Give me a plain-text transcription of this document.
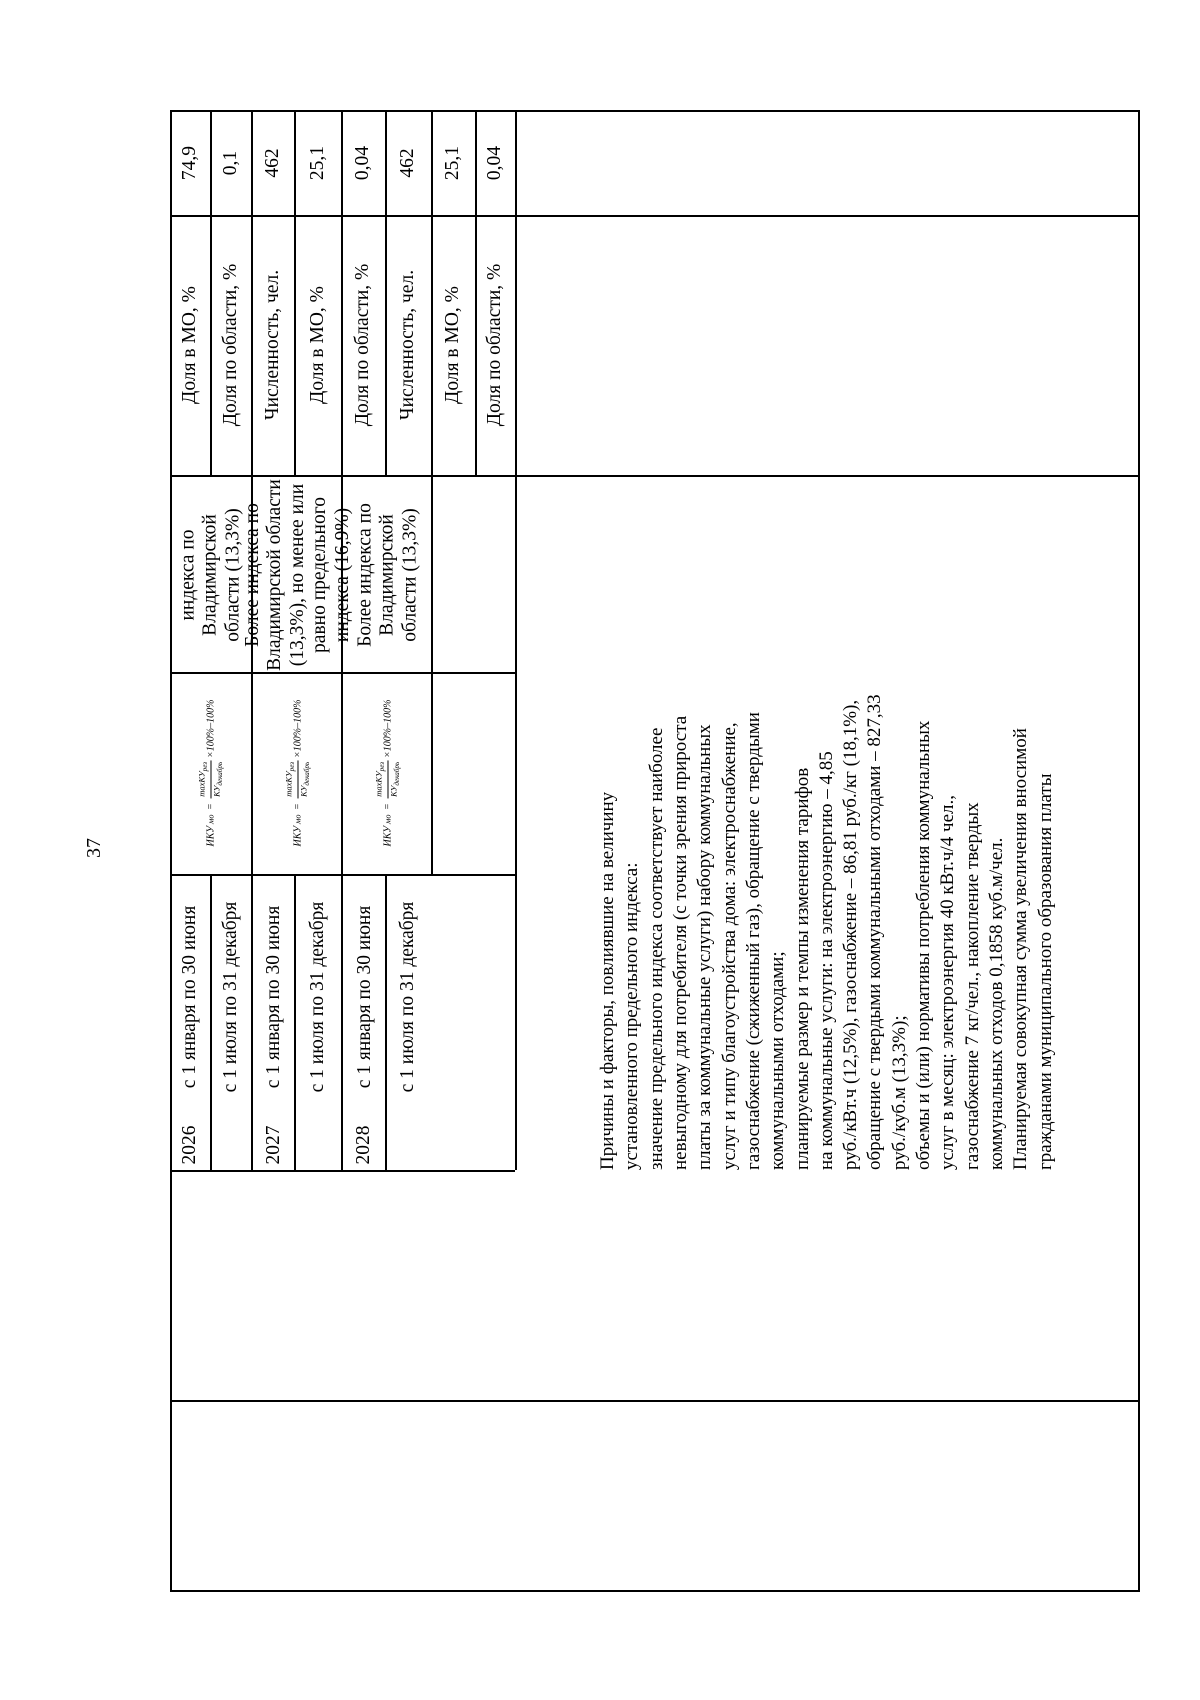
37
2026	2027	2028
с 1 января по 30 июня с 1 июля по 31 декабря с 1 января по 30 июня с 1 июля по 31 декабря с 1 января по 30 июня с 1 июля по 31 декабря
ИКУ
мо
=
maxКУ$_{рез}$
$КУ_{декабрь}$
×100%–100%
ИКУ
мо
=
maxКУ$_{рез}$
$КУ_{декабрь}$
×100%–100%
ИКУ
мо
=
maxКУ$_{рез}$
$КУ_{декабрь}$
×100%–100%
индекса по Владимирской области (13,3%)
Более индекса по Владимирской области (13,3%), но менее или равно предельного индекса (16,9%) Более индекса по Владимирской области (13,3%)
Доля в МО, % Доля по области, % Численность, чел. Доля в МО, % Доля по области, % Численность, чел. Доля в МО, % Доля по области, %
74,9 0,1 462 25,1 0,04 462 25,1 0,04
Причины и факторы, повлиявшие на величину установленного предельного индекса: значение предельного индекса соответствует наиболее невыгодному для потребителя (с точки зрения прироста платы за коммунальные услуги) набору коммунальных услуг и типу благоустройства дома: электроснабжение, газоснабжение (сжиженный газ), обращение с твердыми коммунальными отходами; планируемые размер и темпы изменения тарифов на коммунальные услуги: на электроэнергию – 4,85 руб./кВт.ч (12,5%), газоснабжение – 86,81 руб./кг (18,1%), обращение с твердыми коммунальными отходами – 827,33 руб./куб.м (13,3%); объемы и (или) нормативы потребления коммунальных услуг в месяц: электроэнергия 40 кВт.ч/4 чел., газоснабжение 7 кг/чел., накопление твердых коммунальных отходов 0,1858 куб.м/чел. Планируемая совокупная сумма увеличения вносимой гражданами муниципального образования платы
